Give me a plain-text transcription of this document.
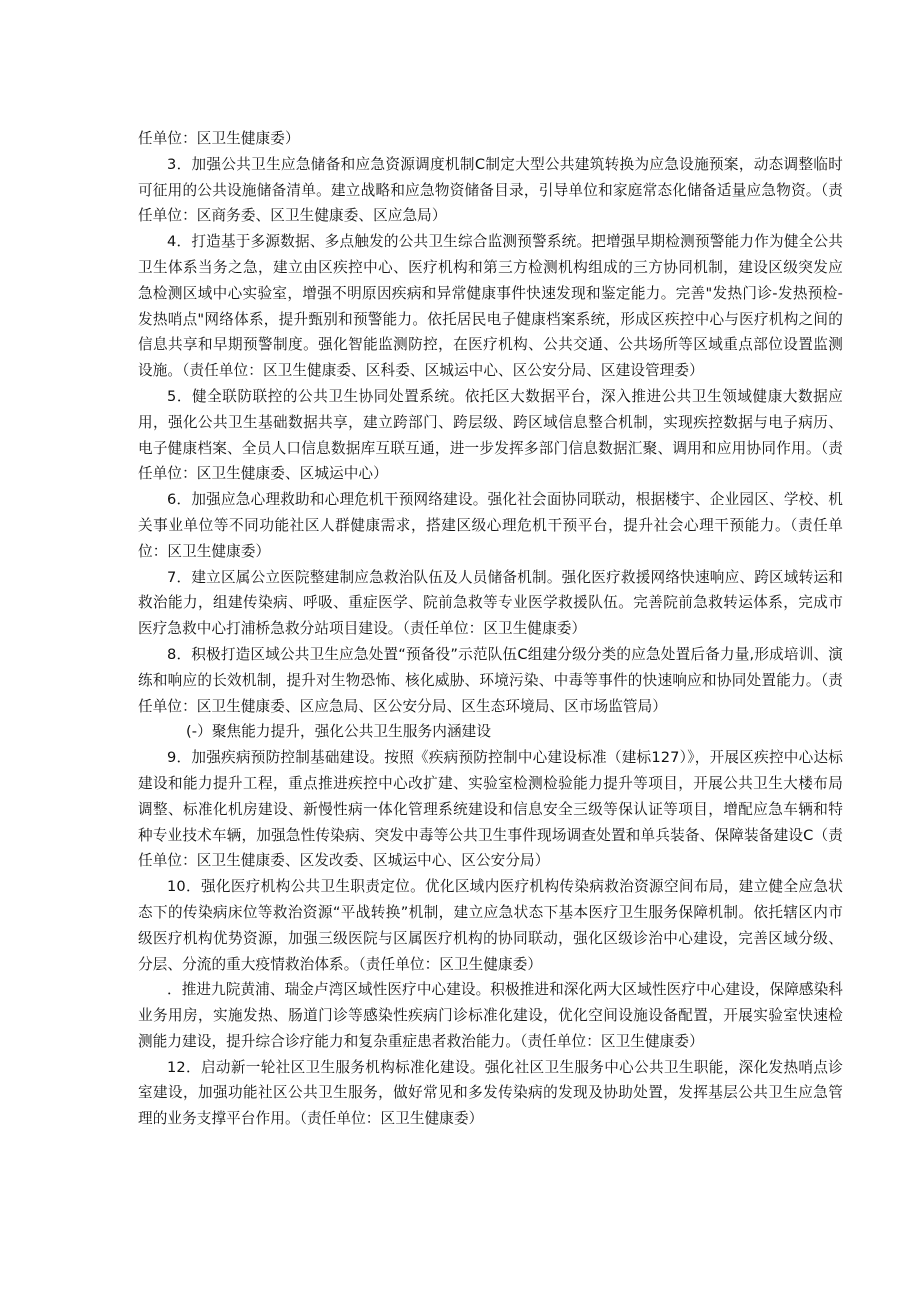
任单位：区卫生健康委）

3．加强公共卫生应急储备和应急资源调度机制C制定大型公共建筑转换为应急设施预案，动态调整临时可征用的公共设施储备清单。建立战略和应急物资储备目录，引导单位和家庭常态化储备适量应急物资。（责任单位：区商务委、区卫生健康委、区应急局）

4．打造基于多源数据、多点触发的公共卫生综合监测预警系统。把增强早期检测预警能力作为健全公共卫生体系当务之急，建立由区疾控中心、医疗机构和第三方检测机构组成的三方协同机制，建设区级突发应急检测区域中心实验室，增强不明原因疾病和异常健康事件快速发现和鉴定能力。完善"发热门诊-发热预检-发热哨点"网络体系，提升甄别和预警能力。依托居民电子健康档案系统，形成区疾控中心与医疗机构之间的信息共享和早期预警制度。强化智能监测防控，在医疗机构、公共交通、公共场所等区域重点部位设置监测设施。（责任单位：区卫生健康委、区科委、区城运中心、区公安分局、区建设管理委）

5．健全联防联控的公共卫生协同处置系统。依托区大数据平台，深入推进公共卫生领域健康大数据应用，强化公共卫生基础数据共享，建立跨部门、跨层级、跨区域信息整合机制，实现疾控数据与电子病历、电子健康档案、全员人口信息数据库互联互通，进一步发挥多部门信息数据汇聚、调用和应用协同作用。（责任单位：区卫生健康委、区城运中心）

6．加强应急心理救助和心理危机干预网络建设。强化社会面协同联动，根据楼宇、企业园区、学校、机关事业单位等不同功能社区人群健康需求，搭建区级心理危机干预平台，提升社会心理干预能力。（责任单位：区卫生健康委）

7．建立区属公立医院整建制应急救治队伍及人员储备机制。强化医疗救援网络快速响应、跨区域转运和救治能力，组建传染病、呼吸、重症医学、院前急救等专业医学救援队伍。完善院前急救转运体系，完成市医疗急救中心打浦桥急救分站项目建设。（责任单位：区卫生健康委）

8．积极打造区域公共卫生应急处置“预备役”示范队伍C组建分级分类的应急处置后备力量,形成培训、演练和响应的长效机制，提升对生物恐怖、核化威胁、环境污染、中毒等事件的快速响应和协同处置能力。（责任单位：区卫生健康委、区应急局、区公安分局、区生态环境局、区市场监管局）

(-）聚焦能力提升，强化公共卫生服务内涵建设

9．加强疾病预防控制基础建设。按照《疾病预防控制中心建设标准（建标127）》，开展区疾控中心达标建设和能力提升工程，重点推进疾控中心改扩建、实验室检测检验能力提升等项目，开展公共卫生大楼布局调整、标准化机房建设、新慢性病一体化管理系统建设和信息安全三级等保认证等项目，增配应急车辆和特种专业技术车辆，加强急性传染病、突发中毒等公共卫生事件现场调查处置和单兵装备、保障装备建设C（责任单位：区卫生健康委、区发改委、区城运中心、区公安分局）

10．强化医疗机构公共卫生职责定位。优化区域内医疗机构传染病救治资源空间布局，建立健全应急状态下的传染病床位等救治资源“平战转换”机制，建立应急状态下基本医疗卫生服务保障机制。依托辖区内市级医疗机构优势资源，加强三级医院与区属医疗机构的协同联动，强化区级诊治中心建设，完善区域分级、分层、分流的重大疫情救治体系。（责任单位：区卫生健康委）

．推进九院黄浦、瑞金卢湾区域性医疗中心建设。积极推进和深化两大区域性医疗中心建设，保障感染科业务用房，实施发热、肠道门诊等感染性疾病门诊标准化建设，优化空间设施设备配置，开展实验室快速检测能力建设，提升综合诊疗能力和复杂重症患者救治能力。（责任单位：区卫生健康委）

12．启动新一轮社区卫生服务机构标准化建设。强化社区卫生服务中心公共卫生职能，深化发热哨点诊室建设，加强功能社区公共卫生服务，做好常见和多发传染病的发现及协助处置，发挥基层公共卫生应急管理的业务支撑平台作用。（责任单位：区卫生健康委）
